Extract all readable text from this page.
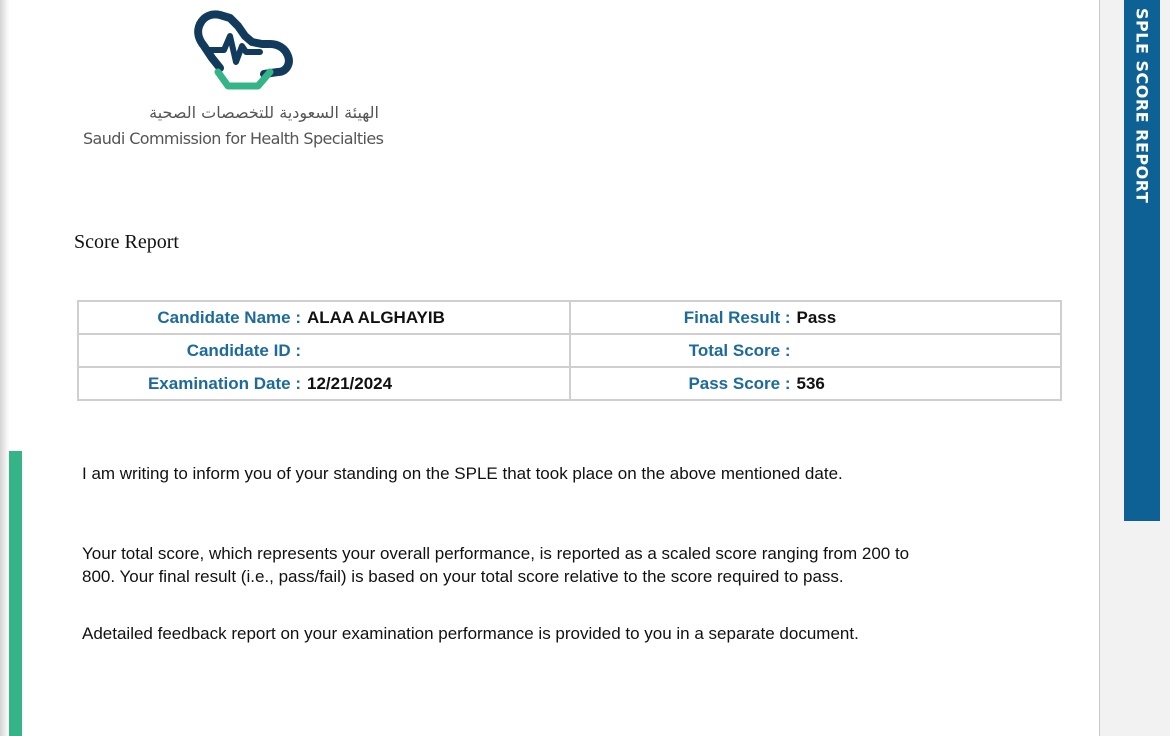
SPLE SCORE REPORT
الهيئة السعودية للتخصصات الصحية
Saudi Commission for Health Specialties
Score Report
Candidate Name : ALAA ALGHAYIB	Final Result : Pass

Candidate ID :	Total Score :

Examination Date : 12/21/2024	Pass Score : 536
I am writing to inform you of your standing on the SPLE that took place on the above mentioned date.
Your total score, which represents your overall performance, is reported as a scaled score ranging from 200 to
800. Your final result (i.e., pass/fail) is based on your total score relative to the score required to pass.
Adetailed feedback report on your examination performance is provided to you in a separate document.
